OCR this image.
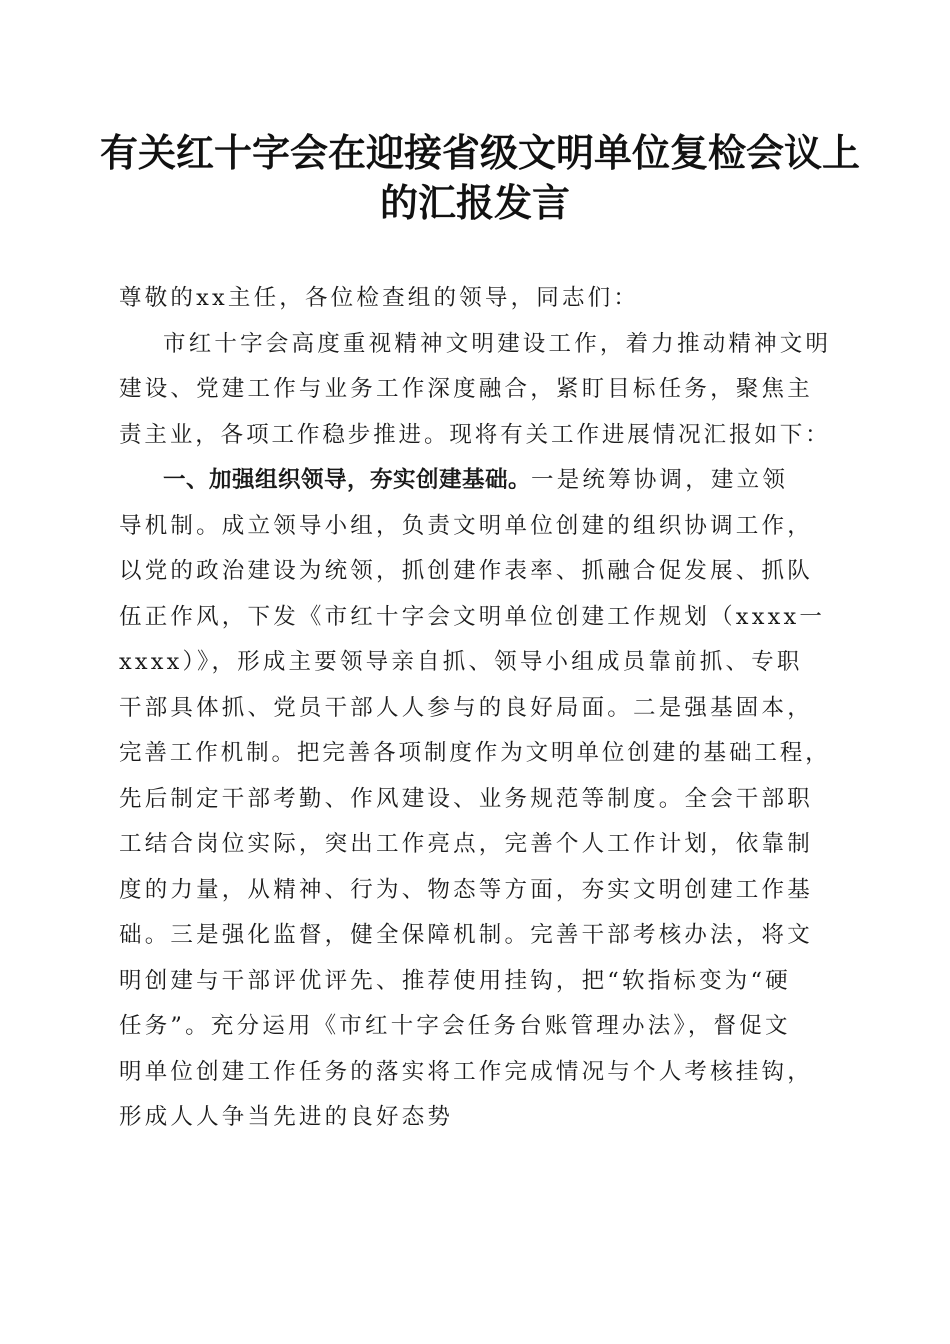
有关红十字会在迎接省级文明单位复检会议上
的汇报发言
尊敬的xx主任，各位检查组的领导，同志们：
市红十字会高度重视精神文明建设工作，着力推动精神文明
建设、党建工作与业务工作深度融合，紧盯目标任务，聚焦主
责主业，各项工作稳步推进。现将有关工作进展情况汇报如下：
一、加强组织领导，夯实创建基础。一是统筹协调，建立领
导机制。成立领导小组，负责文明单位创建的组织协调工作，
以党的政治建设为统领，抓创建作表率、抓融合促发展、抓队
伍正作风，下发《市红十字会文明单位创建工作规划（xxxx一
xxxx）》，形成主要领导亲自抓、领导小组成员靠前抓、专职
干部具体抓、党员干部人人参与的良好局面。二是强基固本，
完善工作机制。把完善各项制度作为文明单位创建的基础工程，
先后制定干部考勤、作风建设、业务规范等制度。全会干部职
工结合岗位实际，突出工作亮点，完善个人工作计划，依靠制
度的力量，从精神、行为、物态等方面，夯实文明创建工作基
础。三是强化监督，健全保障机制。完善干部考核办法，将文
明创建与干部评优评先、推荐使用挂钩，把“软指标变为“硬
任务”。充分运用《市红十字会任务台账管理办法》，督促文
明单位创建工作任务的落实将工作完成情况与个人考核挂钩，
形成人人争当先进的良好态势
